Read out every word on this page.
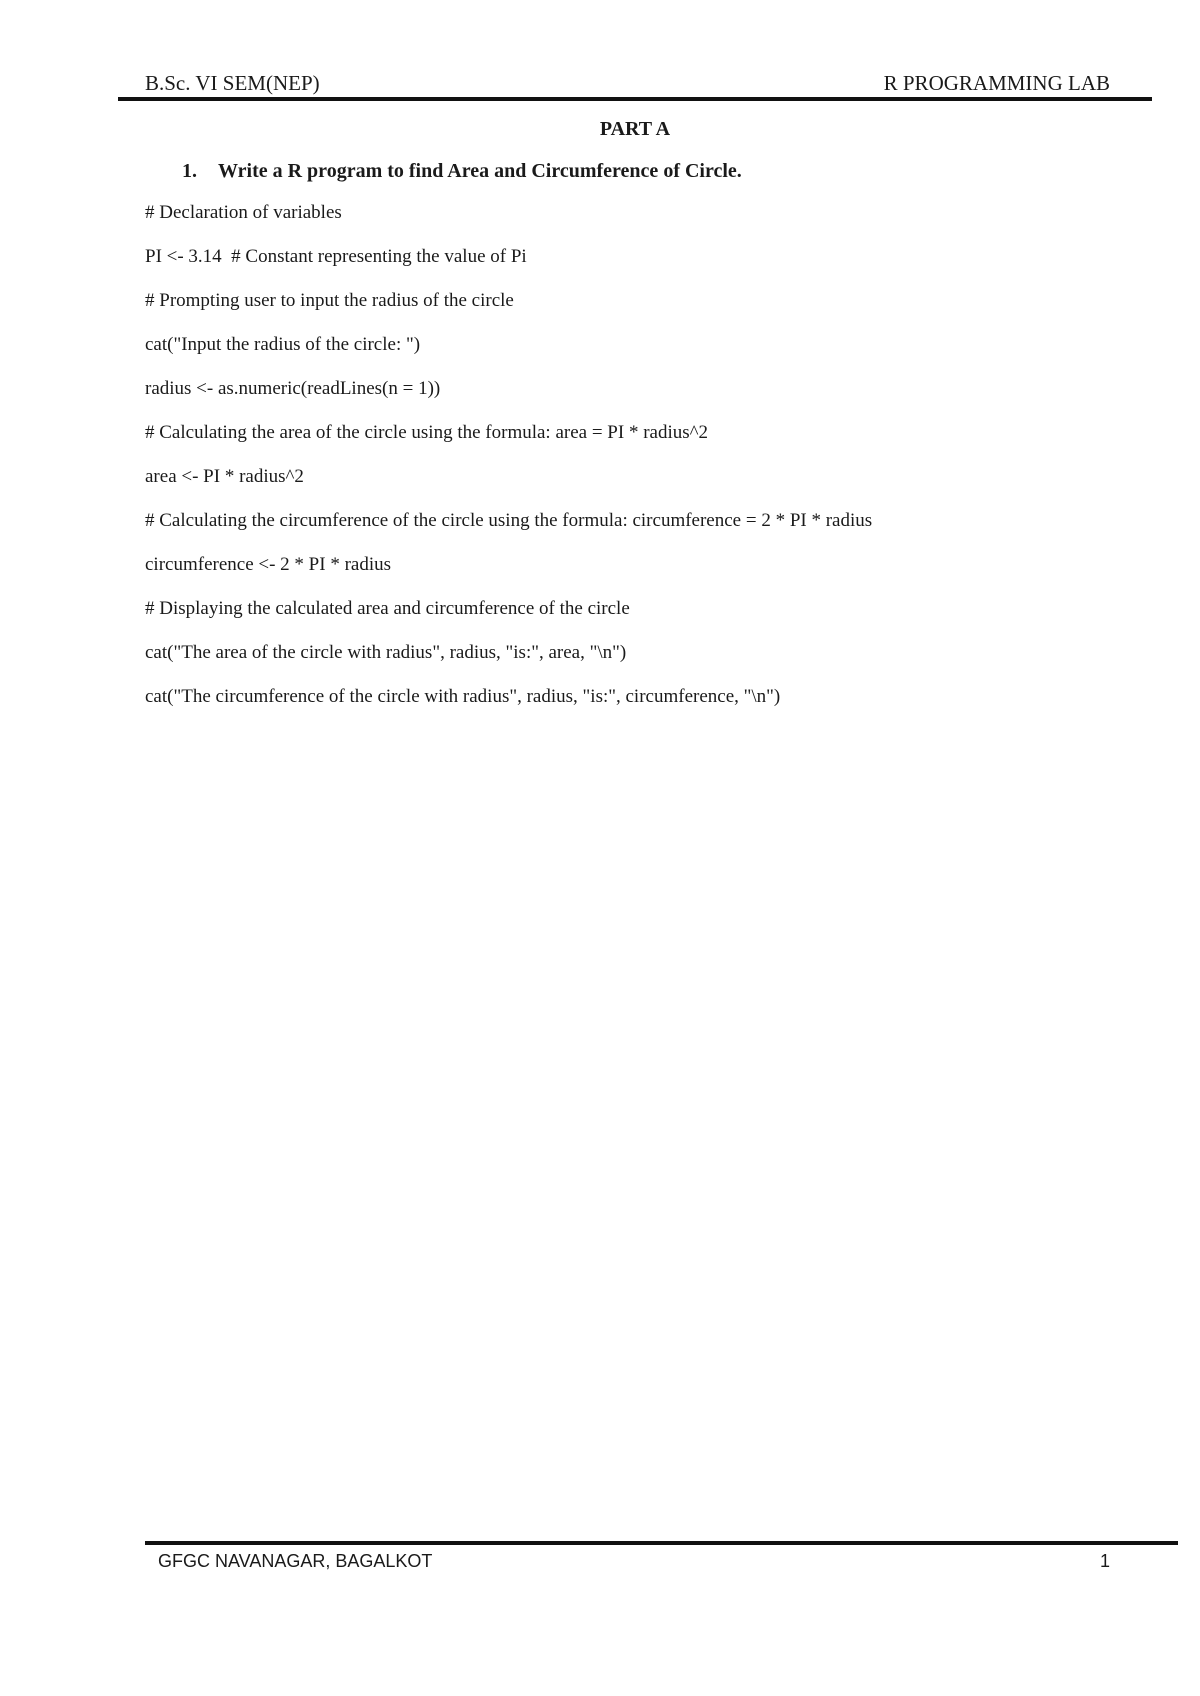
B.Sc. VI SEM(NEP)	R PROGRAMMING LAB
PART A
1. Write a R program to find Area and Circumference of Circle.
# Declaration of variables
PI <- 3.14  # Constant representing the value of Pi
# Prompting user to input the radius of the circle
cat("Input the radius of the circle: ")
radius <- as.numeric(readLines(n = 1))
# Calculating the area of the circle using the formula: area = PI * radius^2
area <- PI * radius^2
# Calculating the circumference of the circle using the formula: circumference = 2 * PI * radius
circumference <- 2 * PI * radius
# Displaying the calculated area and circumference of the circle
cat("The area of the circle with radius", radius, "is:", area, "\n")
cat("The circumference of the circle with radius", radius, "is:", circumference, "\n")
GFGC NAVANAGAR, BAGALKOT	1
